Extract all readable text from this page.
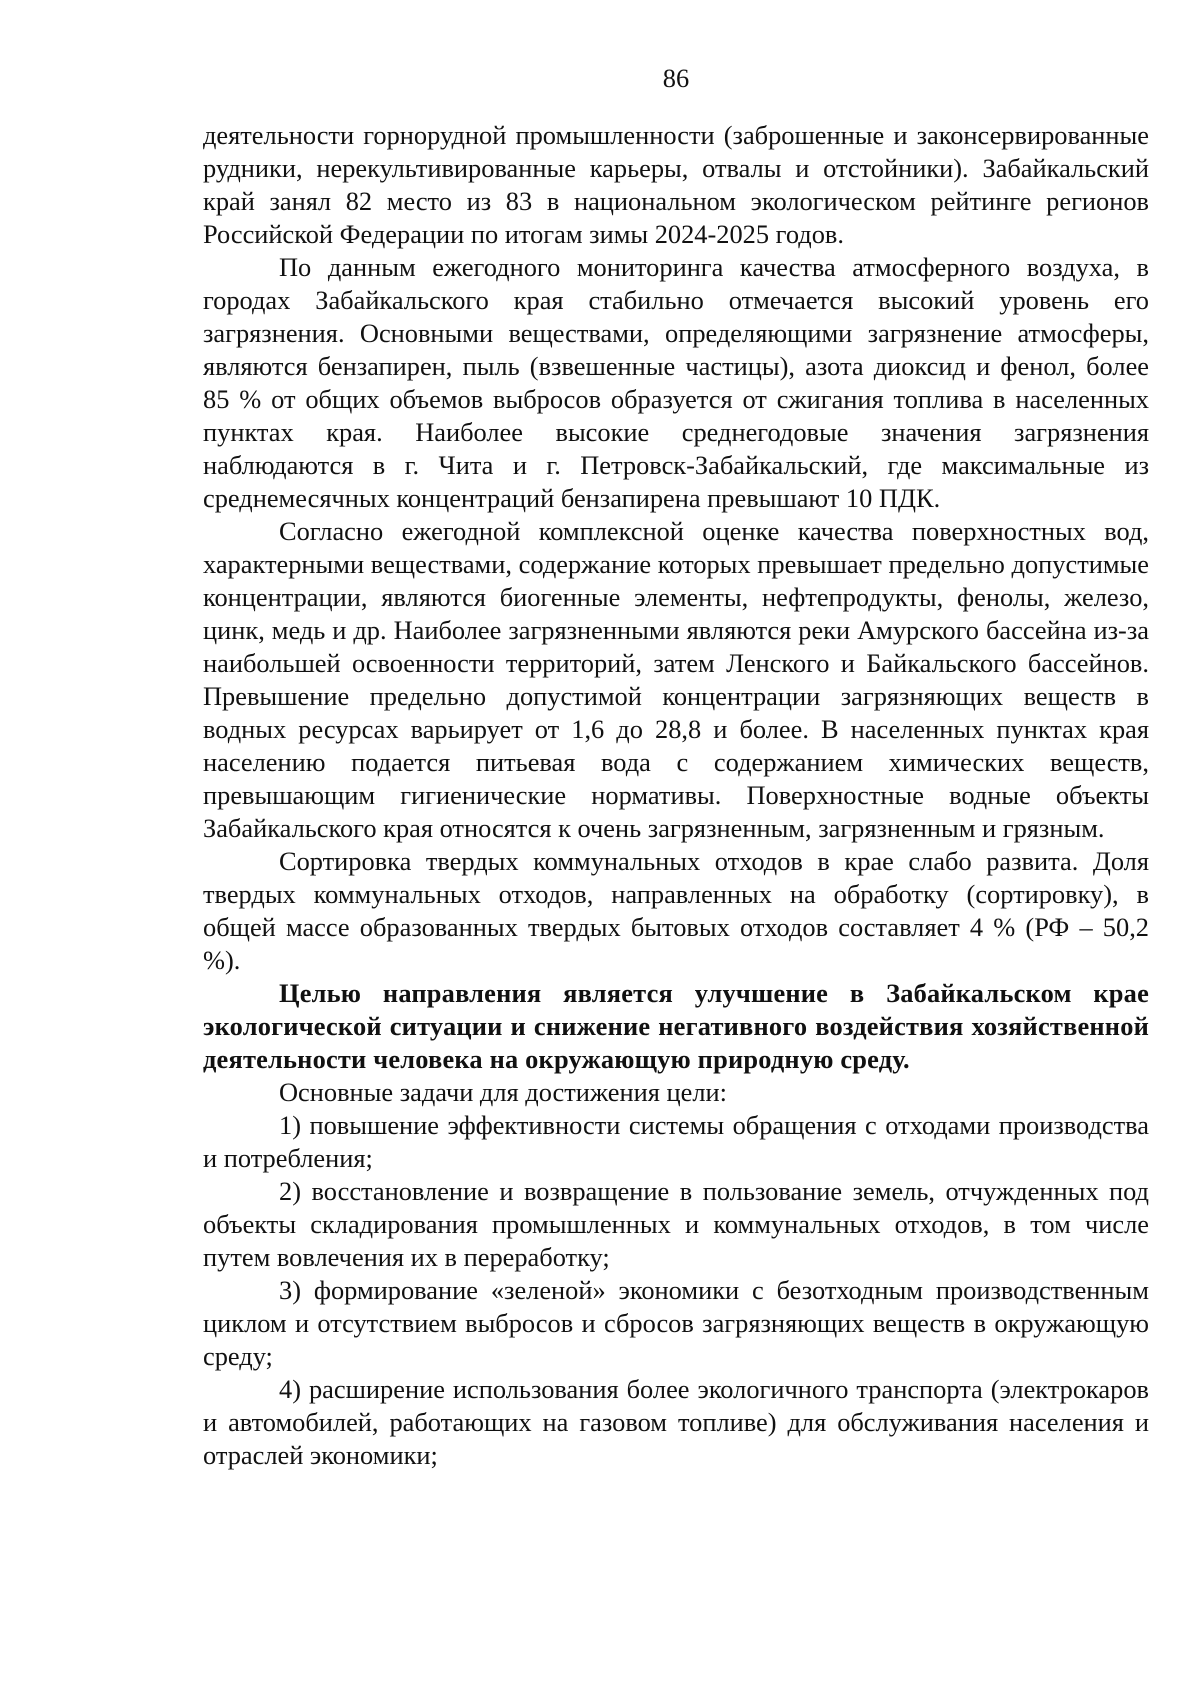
86

деятельности горнорудной промышленности (заброшенные и законсервированные рудники, нерекультивированные карьеры, отвалы и отстойники). Забайкальский край занял 82 место из 83 в национальном экологическом рейтинге регионов Российской Федерации по итогам зимы 2024-2025 годов.

По данным ежегодного мониторинга качества атмосферного воздуха, в городах Забайкальского края стабильно отмечается высокий уровень его загрязнения. Основными веществами, определяющими загрязнение атмосферы, являются бензапирен, пыль (взвешенные частицы), азота диоксид и фенол, более 85 % от общих объемов выбросов образуется от сжигания топлива в населенных пунктах края. Наиболее высокие среднегодовые значения загрязнения наблюдаются в г. Чита и г. Петровск-Забайкальский, где максимальные из среднемесячных концентраций бензапирена превышают 10 ПДК.

Согласно ежегодной комплексной оценке качества поверхностных вод, характерными веществами, содержание которых превышает предельно допустимые концентрации, являются биогенные элементы, нефтепродукты, фенолы, железо, цинк, медь и др. Наиболее загрязненными являются реки Амурского бассейна из-за наибольшей освоенности территорий, затем Ленского и Байкальского бассейнов. Превышение предельно допустимой концентрации загрязняющих веществ в водных ресурсах варьирует от 1,6 до 28,8 и более. В населенных пунктах края населению подается питьевая вода с содержанием химических веществ, превышающим гигиенические нормативы. Поверхностные водные объекты Забайкальского края относятся к очень загрязненным, загрязненным и грязным.

Сортировка твердых коммунальных отходов в крае слабо развита. Доля твердых коммунальных отходов, направленных на обработку (сортировку), в общей массе образованных твердых бытовых отходов составляет 4 % (РФ – 50,2 %).

Целью направления является улучшение в Забайкальском крае экологической ситуации и снижение негативного воздействия хозяйственной деятельности человека на окружающую природную среду.

Основные задачи для достижения цели:

1) повышение эффективности системы обращения с отходами производства и потребления;

2) восстановление и возвращение в пользование земель, отчужденных под объекты складирования промышленных и коммунальных отходов, в том числе путем вовлечения их в переработку;

3) формирование «зеленой» экономики с безотходным производственным циклом и отсутствием выбросов и сбросов загрязняющих веществ в окружающую среду;

4) расширение использования более экологичного транспорта (электрокаров и автомобилей, работающих на газовом топливе) для обслуживания населения и отраслей экономики;
